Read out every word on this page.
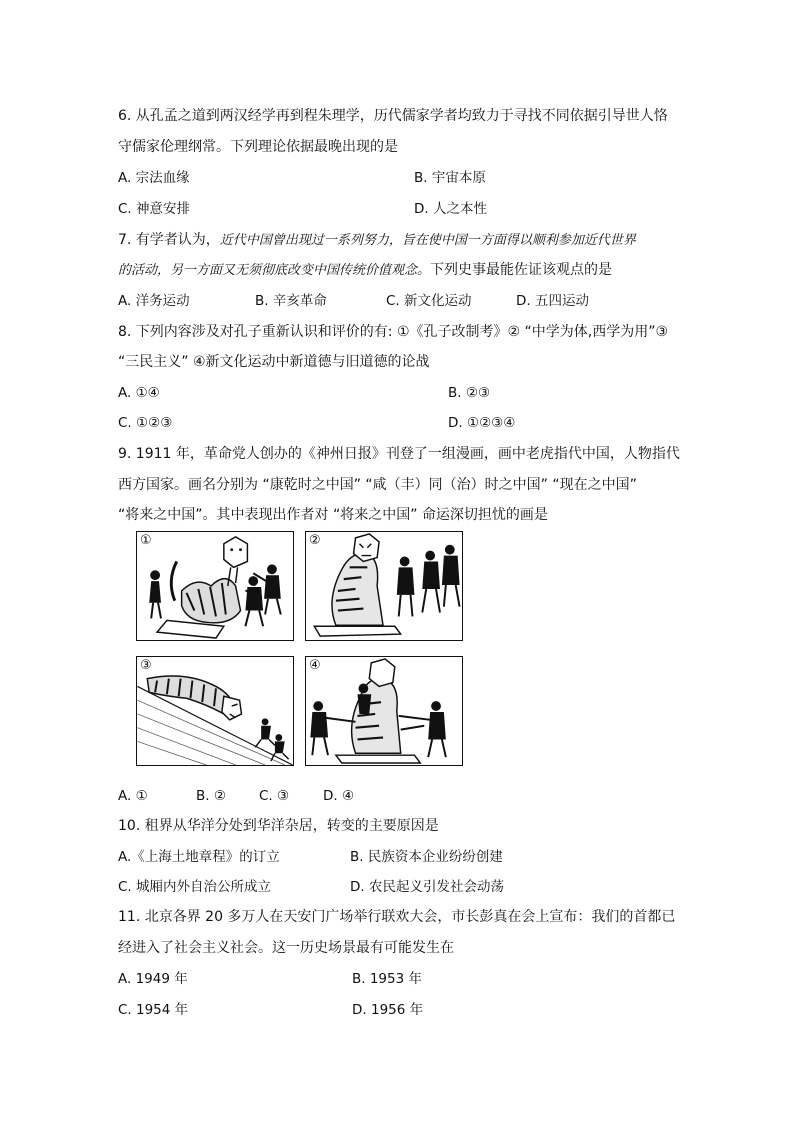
6. 从孔孟之道到两汉经学再到程朱理学，历代儒家学者均致力于寻找不同依据引导世人恪
守儒家伦理纲常。下列理论依据最晚出现的是
A. 宗法血缘	B. 宇宙本原
C. 神意安排	D. 人之本性
7. 有学者认为，近代中国曾出现过一系列努力，旨在使中国一方面得以顺利参加近代世界
的活动，另一方面又无须彻底改变中国传统价值观念。下列史事最能佐证该观点的是
A. 洋务运动	B. 辛亥革命	C. 新文化运动	D. 五四运动
8. 下列内容涉及对孔子重新认识和评价的有: ①《孔子改制考》② “中学为体,西学为用”③
“三民主义” ④新文化运动中新道德与旧道德的论战
A. ①④	B. ②③
C. ①②③	D. ①②③④
9. 1911 年，革命党人创办的《神州日报》刊登了一组漫画，画中老虎指代中国，人物指代
西方国家。画名分别为 “康乾时之中国” “咸（丰）同（治）时之中国” “现在之中国”
“将来之中国”。其中表现出作者对 “将来之中国” 命运深切担忧的画是
①	②
③	④
A. ①	B. ② C. ③	D. ④
10. 租界从华洋分处到华洋杂居，转变的主要原因是
A.《上海土地章程》的订立	B. 民族资本企业纷纷创建
C. 城厢内外自治公所成立	D. 农民起义引发社会动荡
11. 北京各界 20 多万人在天安门广场举行联欢大会，市长彭真在会上宣布：我们的首都已
经进入了社会主义社会。这一历史场景最有可能发生在
A. 1949 年	B. 1953 年
C. 1954 年	D. 1956 年
